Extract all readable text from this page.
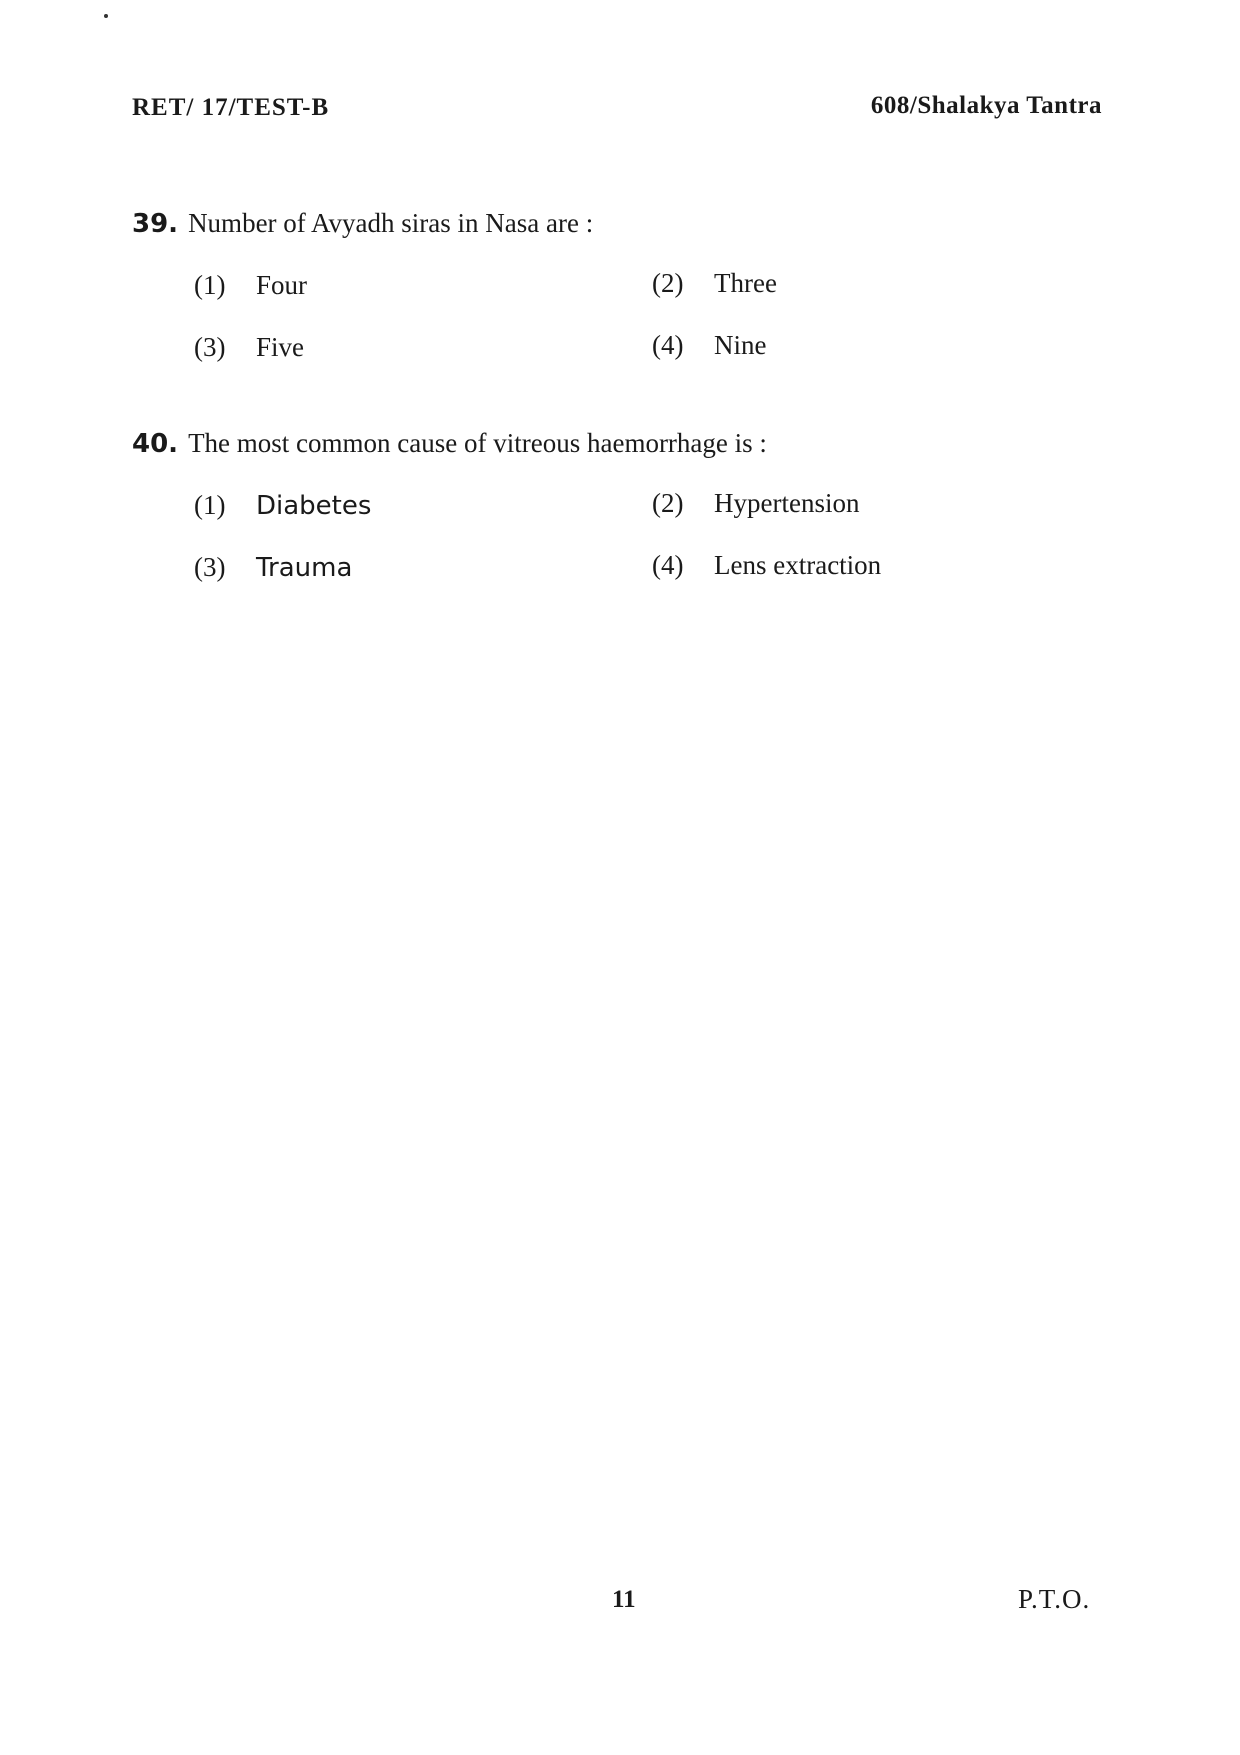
RET/ 17/TEST-B	608/Shalakya Tantra
39. Number of Avyadh siras in Nasa are :
(1) Four	(2) Three
(3) Five	(4) Nine
40. The most common cause of vitreous haemorrhage is :
(1) Diabetes	(2) Hypertension
(3) Trauma	(4) Lens extraction
11	P.T.O.
